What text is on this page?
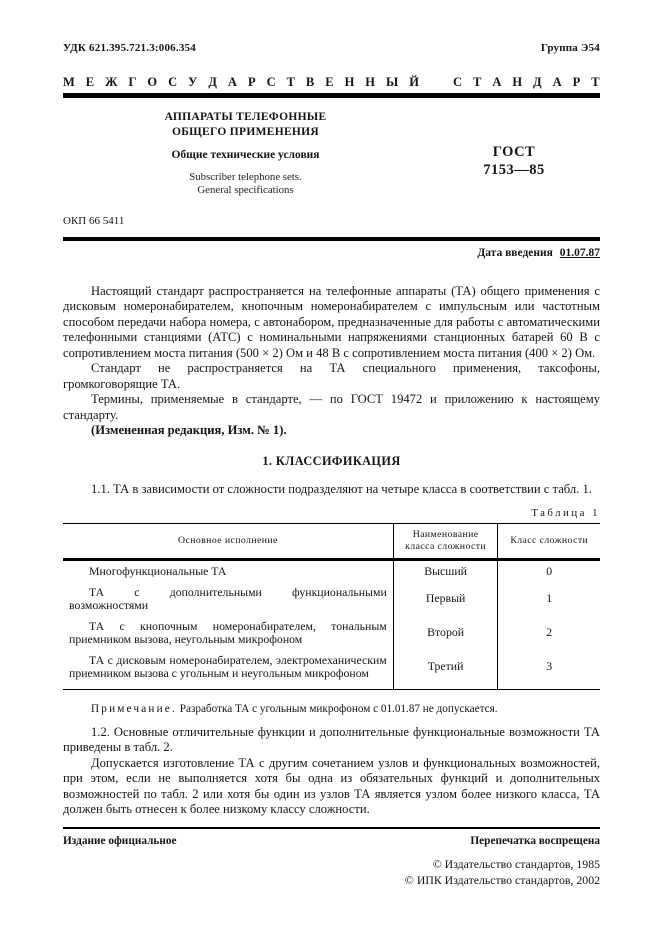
УДК 621.395.721.3:006.354	Группа Э54
М Е Ж Г О С У Д А Р С Т В Е Н Н Ы Й	С Т А Н Д А Р Т
АППАРАТЫ ТЕЛЕФОННЫЕ
ОБЩЕГО ПРИМЕНЕНИЯ
Общие технические условия
Subscriber telephone sets.
General specifications
ГОСТ
7153—85
ОКП 66 5411
Дата введения 01.07.87

Настоящий стандарт распространяется на телефонные аппараты (ТА) общего применения с дисковым номеронабирателем, кнопочным номеронабирателем с импульсным или частотным способом передачи набора номера, с автонабором, предназначенные для работы с автоматическими телефонными станциями (АТС) с номинальными напряжениями станционных батарей 60 В с сопротивлением моста питания (500 × 2) Ом и 48 В с сопротивлением моста питания (400 × 2) Ом.

Стандарт не распространяется на ТА специального применения, таксофоны, громкоговорящие ТА.

Термины, применяемые в стандарте, — по ГОСТ 19472 и приложению к настоящему стандарту.

(Измененная редакция, Изм. № 1).

1. КЛАССИФИКАЦИЯ

1.1. ТА в зависимости от сложности подразделяют на четыре класса в соответствии с табл. 1.

Таблица 1
Основное исполнение	Наименование класса сложности	Класс сложности
Многофункциональные ТА	Высший	0
ТА с дополнительными функциональными возможностями	Первый	1
ТА с кнопочным номеронабирателем, тональным приемником вызова, неугольным микрофоном	Второй	2
ТА с дисковым номеронабирателем, электромеханическим приемником вызова с угольным и неугольным микрофоном	Третий	3
Примечание. Разработка ТА с угольным микрофоном с 01.01.87 не допускается.

1.2. Основные отличительные функции и дополнительные функциональные возможности ТА приведены в табл. 2.

Допускается изготовление ТА с другим сочетанием узлов и функциональных возможностей, при этом, если не выполняется хотя бы одна из обязательных функций и дополнительных возможностей по табл. 2 или хотя бы один из узлов ТА является узлом более низкого класса, ТА должен быть отнесен к более низкому классу сложности.

Издание официальное	Перепечатка воспрещена
© Издательство стандартов, 1985
© ИПК Издательство стандартов, 2002
